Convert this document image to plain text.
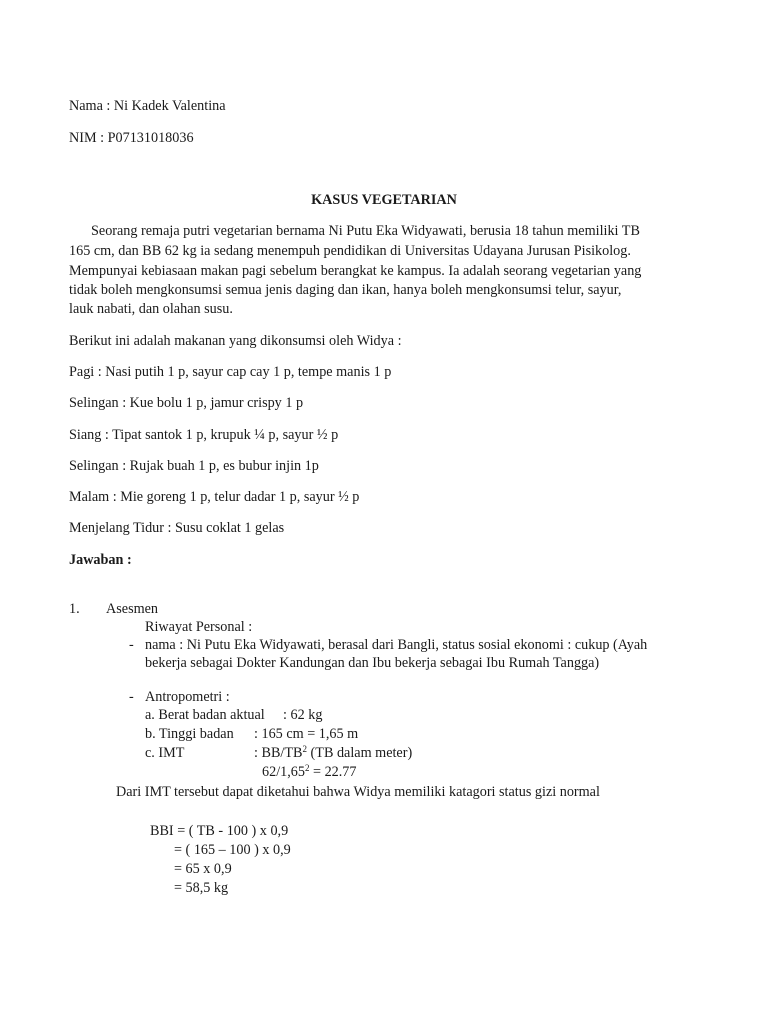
Nama : Ni Kadek Valentina
NIM : P07131018036
KASUS VEGETARIAN
Seorang remaja putri vegetarian bernama Ni Putu Eka Widyawati, berusia 18 tahun memiliki TB
165 cm, dan BB 62 kg ia sedang menempuh pendidikan di Universitas Udayana Jurusan Pisikolog.
Mempunyai kebiasaan makan pagi sebelum berangkat ke kampus. Ia adalah seorang vegetarian yang
tidak boleh mengkonsumsi semua jenis daging dan ikan, hanya boleh mengkonsumsi telur, sayur,
lauk nabati, dan olahan susu.
Berikut ini adalah makanan yang dikonsumsi oleh Widya :
Pagi : Nasi putih 1 p, sayur cap cay 1 p, tempe manis 1 p
Selingan : Kue bolu 1 p, jamur crispy 1 p
Siang : Tipat santok 1 p, krupuk ¼ p, sayur ½ p
Selingan : Rujak buah 1 p, es bubur injin 1p
Malam : Mie goreng 1 p, telur dadar 1 p, sayur ½ p
Menjelang Tidur : Susu coklat 1 gelas
Jawaban :
1. Asesmen
Riwayat Personal :
- nama : Ni Putu Eka Widyawati, berasal dari Bangli, status sosial ekonomi : cukup (Ayah
bekerja sebagai Dokter Kandungan dan Ibu bekerja sebagai Ibu Rumah Tangga)
- Antropometri :
a. Berat badan aktual : 62 kg
b. Tinggi badan : 165 cm = 1,65 m
c. IMT	: $BB/TB^2$ (TB dalam meter)
$62/1,65^2 = 22.77$
Dari IMT tersebut dapat diketahui bahwa Widya memiliki katagori status gizi normal
BBI = ( TB - 100 ) x 0,9
= ( 165 – 100 ) x 0,9
= 65 x 0,9
= 58,5 kg
